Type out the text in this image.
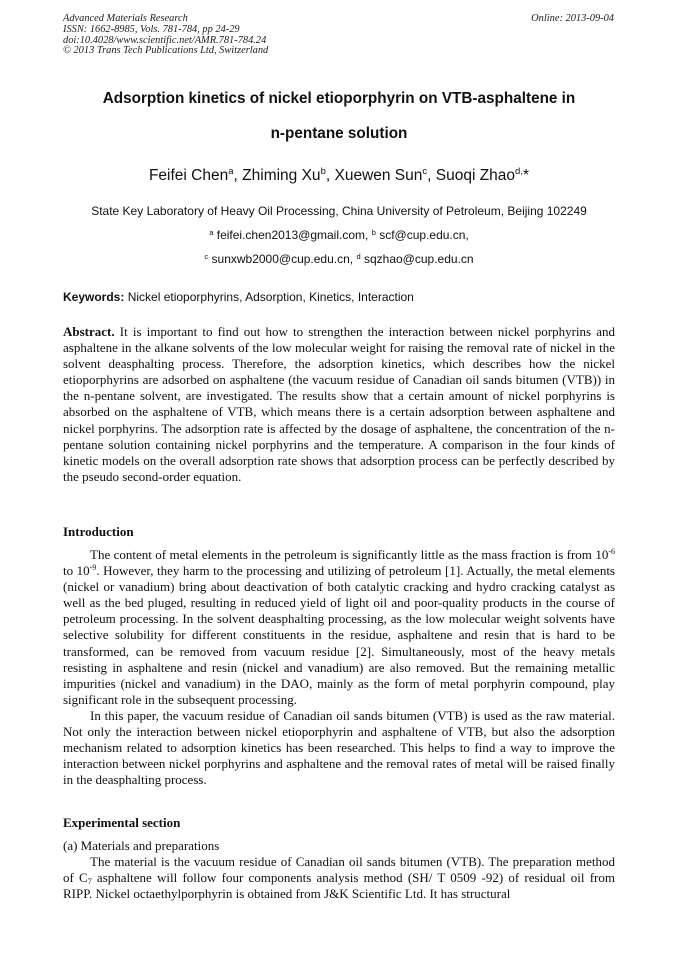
Advanced Materials Research
ISSN: 1662-8985, Vols. 781-784, pp 24-29
doi:10.4028/www.scientific.net/AMR.781-784.24
© 2013 Trans Tech Publications Ltd, Switzerland
Online: 2013-09-04
Adsorption kinetics of nickel etioporphyrin on VTB-asphaltene in
n-pentane solution
Feifei Chen$^a$, Zhiming Xu$^b$, Xuewen Sun$^c$, Suoqi Zhao$^{d,}$*
State Key Laboratory of Heavy Oil Processing, China University of Petroleum, Beijing 102249
$^a$ feifei.chen2013@gmail.com, $^b$ scf@cup.edu.cn,
$^c$ sunxwb2000@cup.edu.cn, $^d$ sqzhao@cup.edu.cn
Keywords: Nickel etioporphyrins, Adsorption, Kinetics, Interaction

Abstract. It is important to find out how to strengthen the interaction between nickel porphyrins and asphaltene in the alkane solvents of the low molecular weight for raising the removal rate of nickel in the solvent deasphalting process. Therefore, the adsorption kinetics, which describes how the nickel etioporphyrins are adsorbed on asphaltene (the vacuum residue of Canadian oil sands bitumen (VTB)) in the n-pentane solvent, are investigated. The results show that a certain amount of nickel porphyrins is absorbed on the asphaltene of VTB, which means there is a certain adsorption between asphaltene and nickel porphyrins. The adsorption rate is affected by the dosage of asphaltene, the concentration of the n-pentane solution containing nickel porphyrins and the temperature. A comparison in the four kinds of kinetic models on the overall adsorption rate shows that adsorption process can be perfectly described by the pseudo second-order equation.

Introduction

The content of metal elements in the petroleum is significantly little as the mass fraction is from $10^{-6}$ to $10^{-9}$. However, they harm to the processing and utilizing of petroleum [1]. Actually, the metal elements (nickel or vanadium) bring about deactivation of both catalytic cracking and hydro cracking catalyst as well as the bed pluged, resulting in reduced yield of light oil and poor-quality products in the course of petroleum processing. In the solvent deasphalting processing, as the low molecular weight solvents have selective solubility for different constituents in the residue, asphaltene and resin that is hard to be transformed, can be removed from vacuum residue [2]. Simultaneously, most of the heavy metals resisting in asphaltene and resin (nickel and vanadium) are also removed. But the remaining metallic impurities (nickel and vanadium) in the DAO, mainly as the form of metal porphyrin compound, play significant role in the subsequent processing.

In this paper, the vacuum residue of Canadian oil sands bitumen (VTB) is used as the raw material. Not only the interaction between nickel etioporphyrin and asphaltene of VTB, but also the adsorption mechanism related to adsorption kinetics has been researched. This helps to find a way to improve the interaction between nickel porphyrins and asphaltene and the removal rates of metal will be raised finally in the deasphalting process.

Experimental section

(a) Materials and preparations

The material is the vacuum residue of Canadian oil sands bitumen (VTB). The preparation method of $C_7$ asphaltene will follow four components analysis method (SH/ T 0509 -92) of residual oil from RIPP. Nickel octaethylporphyrin is obtained from J&K Scientific Ltd. It has structural
